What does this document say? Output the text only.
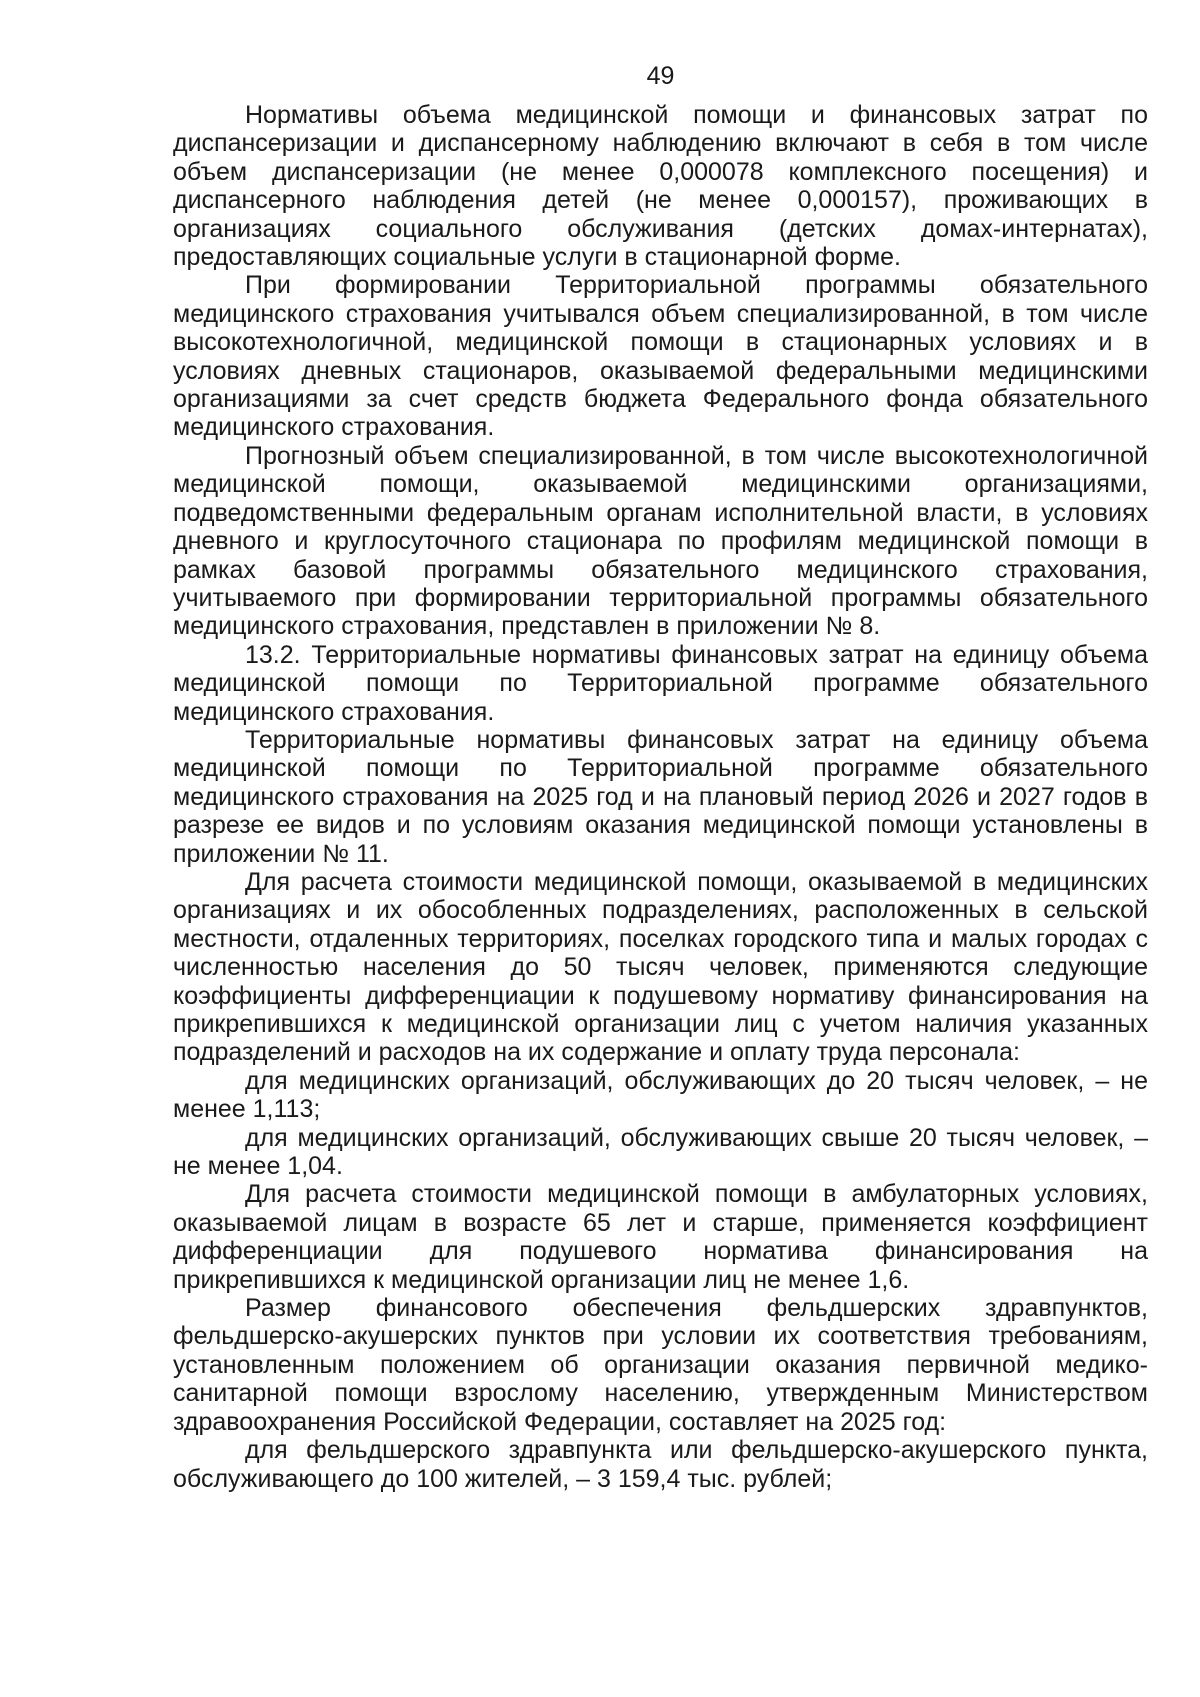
49

Нормативы объема медицинской помощи и финансовых затрат по диспансеризации и диспансерному наблюдению включают в себя в том числе объем диспансеризации (не менее 0,000078 комплексного посещения) и диспансерного наблюдения детей (не менее 0,000157), проживающих в организациях социального обслуживания (детских домах-интернатах), предоставляющих социальные услуги в стационарной форме.

При формировании Территориальной программы обязательного медицинского страхования учитывался объем специализированной, в том числе высокотехнологичной, медицинской помощи в стационарных условиях и в условиях дневных стационаров, оказываемой федеральными медицинскими организациями за счет средств бюджета Федерального фонда обязательного медицинского страхования.

Прогнозный объем специализированной, в том числе высокотехнологичной медицинской помощи, оказываемой медицинскими организациями, подведомственными федеральным органам исполнительной власти, в условиях дневного и круглосуточного стационара по профилям медицинской помощи в рамках базовой программы обязательного медицинского страхования, учитываемого при формировании территориальной программы обязательного медицинского страхования, представлен в приложении № 8.

13.2. Территориальные нормативы финансовых затрат на единицу объема медицинской помощи по Территориальной программе обязательного медицинского страхования.

Территориальные нормативы финансовых затрат на единицу объема медицинской помощи по Территориальной программе обязательного медицинского страхования на 2025 год и на плановый период 2026 и 2027 годов в разрезе ее видов и по условиям оказания медицинской помощи установлены в приложении № 11.

Для расчета стоимости медицинской помощи, оказываемой в медицинских организациях и их обособленных подразделениях, расположенных в сельской местности, отдаленных территориях, поселках городского типа и малых городах с численностью населения до 50 тысяч человек, применяются следующие коэффициенты дифференциации к подушевому нормативу финансирования на прикрепившихся к медицинской организации лиц с учетом наличия указанных подразделений и расходов на их содержание и оплату труда персонала:

для медицинских организаций, обслуживающих до 20 тысяч человек, – не менее 1,113;

для медицинских организаций, обслуживающих свыше 20 тысяч человек, – не менее 1,04.

Для расчета стоимости медицинской помощи в амбулаторных условиях, оказываемой лицам в возрасте 65 лет и старше, применяется коэффициент дифференциации для подушевого норматива финансирования на прикрепившихся к медицинской организации лиц не менее 1,6.

Размер финансового обеспечения фельдшерских здравпунктов, фельдшерско-акушерских пунктов при условии их соответствия требованиям, установленным положением об организации оказания первичной медико-санитарной помощи взрослому населению, утвержденным Министерством здравоохранения Российской Федерации, составляет на 2025 год:

для фельдшерского здравпункта или фельдшерско-акушерского пункта, обслуживающего до 100 жителей, – 3 159,4 тыс. рублей;
